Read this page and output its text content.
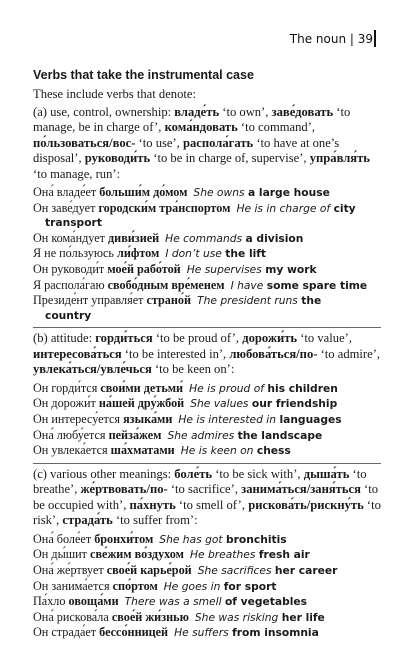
The noun | 39
Verbs that take the instrumental case

These include verbs that denote:

(a) use, control, ownership: владе́ть ‘to own’, заве́довать ‘to
manage, be in charge of’, кома́ндовать ‘to command’,
по́льзоваться/вос- ‘to use’, распола́гать ‘to have at one’s
disposal’, руководи́ть ‘to be in charge of, supervise’, упра́вля́ть
‘to manage, run’:
Она́ владе́ет больши́м до́мом She owns a large house
Он заве́дует городски́м тра́нспортом He is in charge of city
transport
Он кома́ндует диви́зией He commands a division
Я не по́льзуюсь ли́фтом I don’t use the lift
Он руководи́т мое́й рабо́той He supervises my work
Я распола́гаю свобо́дным вре́менем I have some spare time
Президе́нт управля́ет страно́й The president runs the
country
(b) attitude: горди́ться ‘to be proud of’, дорожи́ть ‘to value’,
интересова́ться ‘to be interested in’, любова́ться/по- ‘to admire’,
увлека́ться/увле́чься ‘to be keen on’:
Он горди́тся свои́ми детьми́ He is proud of his children
Он дорожи́т на́шей дру́жбой She values our friendship
Он интересу́ется языка́ми He is interested in languages
Она́ любу́ется пейза́жем She admires the landscape
Он увлека́ется ша́хматами He is keen on chess
(c) various other meanings: боле́ть ‘to be sick with’, дыша́ть ‘to
breathe’, же́ртвовать/по- ‘to sacrifice’, занима́ться/заня́ться ‘to
be occupied with’, па́хнуть ‘to smell of’, рискова́ть/рискну́ть ‘to
risk’, страда́ть ‘to suffer from’:
Она́ боле́ет бронхи́том She has got bronchitis
Он ды́шит све́жим во́здухом He breathes fresh air
Она́ же́ртвует свое́й карье́рой She sacrifices her career
Он занима́ется спо́ртом He goes in for sport
Па́хло овоща́ми There was a smell of vegetables
Она́ рискова́ла свое́й жи́знью She was risking her life
Он страда́ет бессо́нницей He suffers from insomnia
